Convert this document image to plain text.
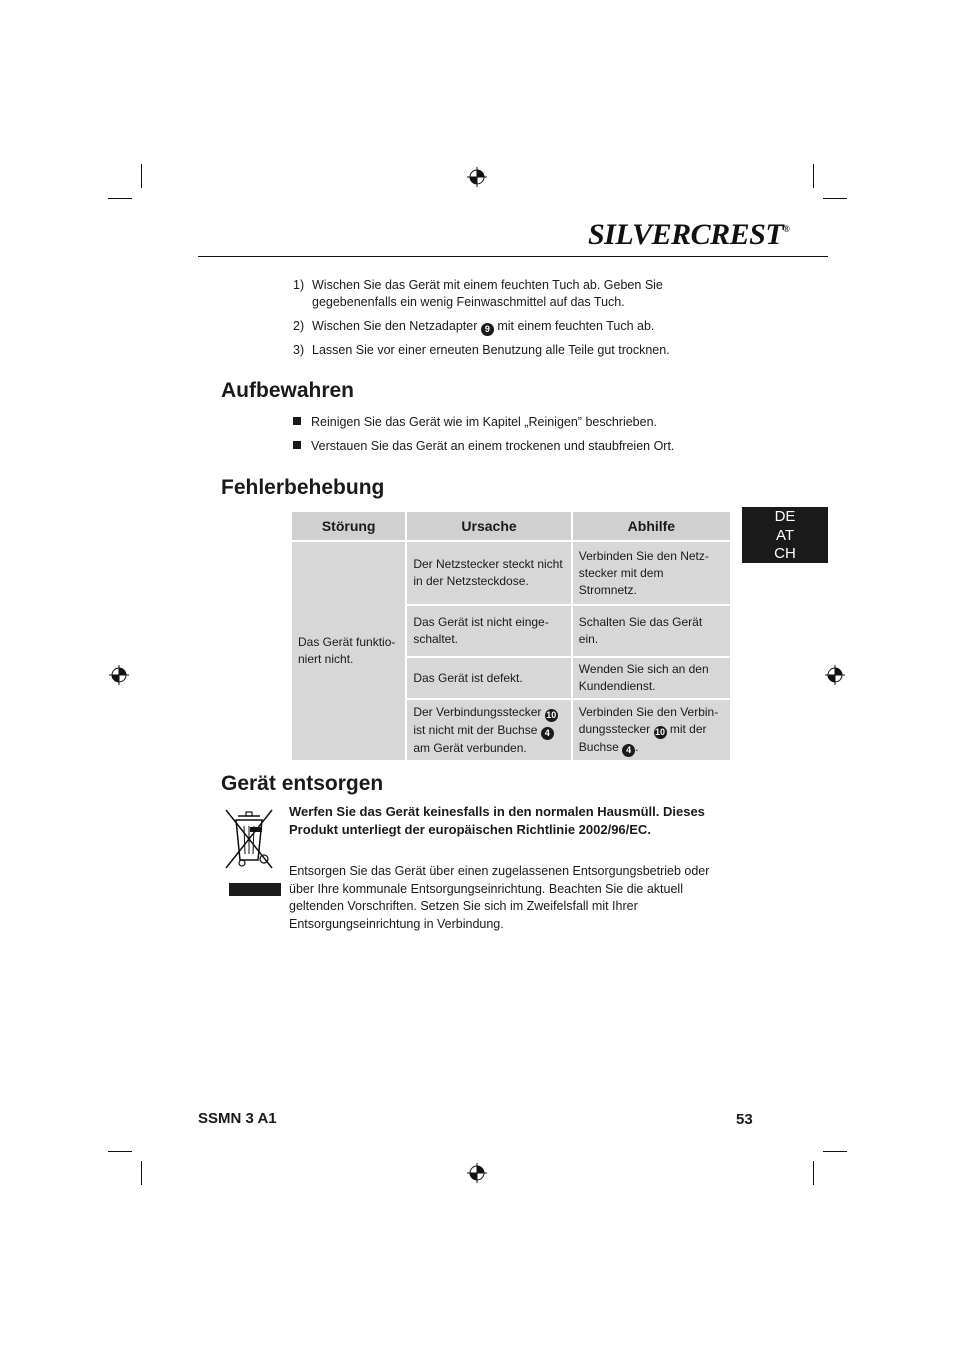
SILVERCREST®
1) Wischen Sie das Gerät mit einem feuchten Tuch ab. Geben Sie gegebenenfalls ein wenig Feinwaschmittel auf das Tuch.
2) Wischen Sie den Netzadapter 9 mit einem feuchten Tuch ab.
3) Lassen Sie vor einer erneuten Benutzung alle Teile gut trocknen.
Aufbewahren
Reinigen Sie das Gerät wie im Kapitel „Reinigen” beschrieben.
Verstauen Sie das Gerät an einem trockenen und staubfreien Ort.
Fehlerbehebung
DE
AT
CH
Störung	Ursache	Abhilfe
Das Gerät funktioniert nicht.	Der Netzstecker steckt nicht in der Netzsteckdose.	Verbinden Sie den Netzstecker mit dem Stromnetz.
	Das Gerät ist nicht eingeschaltet.	Schalten Sie das Gerät ein.
	Das Gerät ist defekt.	Wenden Sie sich an den Kundendienst.
	Der Verbindungsstecker 10 ist nicht mit der Buchse 4 am Gerät verbunden.	Verbinden Sie den Verbindungsstecker 10 mit der Buchse 4 .
Gerät entsorgen
Werfen Sie das Gerät keinesfalls in den normalen Hausmüll. Dieses Produkt unterliegt der europäischen Richtlinie 2002/96/EC.
Entsorgen Sie das Gerät über einen zugelassenen Entsorgungsbetrieb oder über Ihre kommunale Entsorgungseinrichtung. Beachten Sie die aktuell geltenden Vorschriften. Setzen Sie sich im Zweifelsfall mit Ihrer Entsorgungseinrichtung in Verbindung.
SSMN 3 A1	53
